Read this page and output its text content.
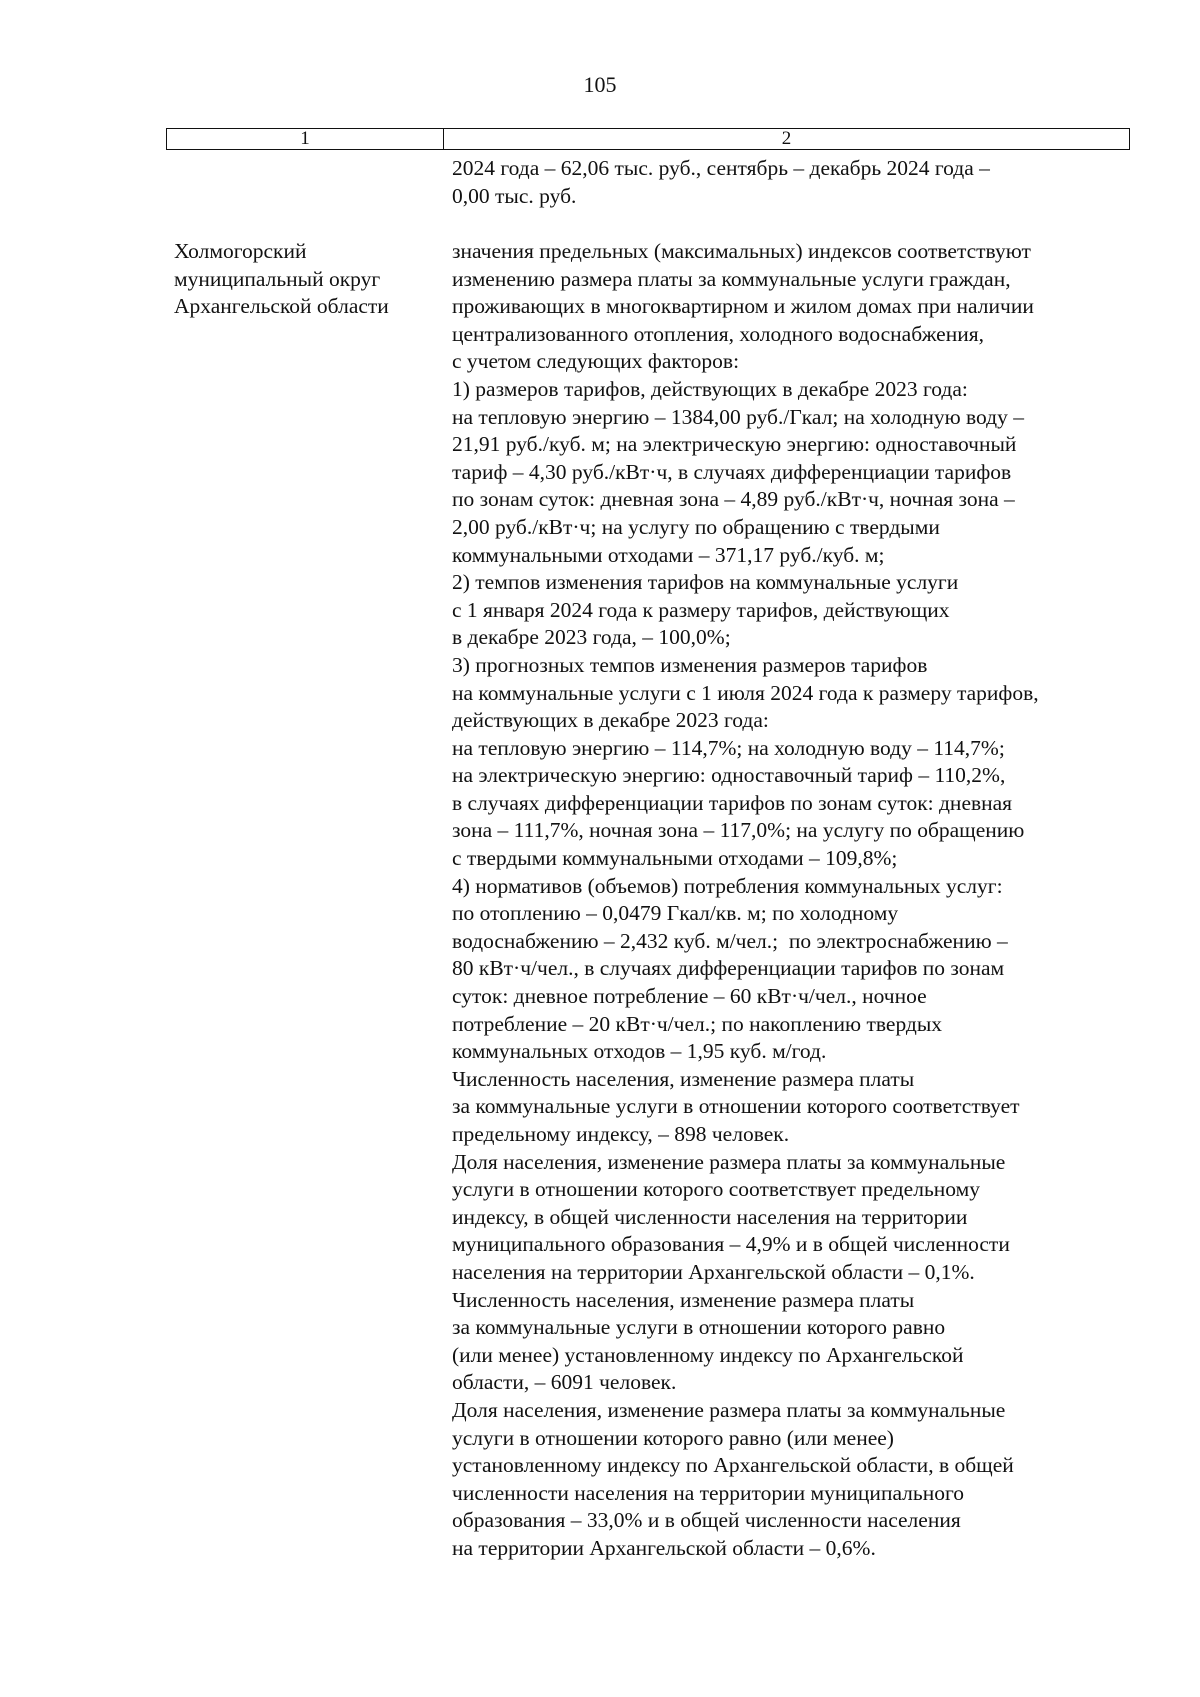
105
1	2
2024 года – 62,06 тыс. руб., сентябрь – декабрь 2024 года –
0,00 тыс. руб.
Холмогорский
муниципальный округ
Архангельской области
значения предельных (максимальных) индексов соответствуют
изменению размера платы за коммунальные услуги граждан,
проживающих в многоквартирном и жилом домах при наличии
централизованного отопления, холодного водоснабжения,
с учетом следующих факторов:
1) размеров тарифов, действующих в декабре 2023 года:
на тепловую энергию – 1384,00 руб./Гкал; на холодную воду –
21,91 руб./куб. м; на электрическую энергию: одноставочный
тариф – 4,30 руб./кВт·ч, в случаях дифференциации тарифов
по зонам суток: дневная зона – 4,89 руб./кВт·ч, ночная зона –
2,00 руб./кВт·ч; на услугу по обращению с твердыми
коммунальными отходами – 371,17 руб./куб. м;
2) темпов изменения тарифов на коммунальные услуги
с 1 января 2024 года к размеру тарифов, действующих
в декабре 2023 года, – 100,0%;
3) прогнозных темпов изменения размеров тарифов
на коммунальные услуги с 1 июля 2024 года к размеру тарифов,
действующих в декабре 2023 года:
на тепловую энергию – 114,7%; на холодную воду – 114,7%;
на электрическую энергию: одноставочный тариф – 110,2%,
в случаях дифференциации тарифов по зонам суток: дневная
зона – 111,7%, ночная зона – 117,0%; на услугу по обращению
с твердыми коммунальными отходами – 109,8%;
4) нормативов (объемов) потребления коммунальных услуг:
по отоплению – 0,0479 Гкал/кв. м; по холодному
водоснабжению – 2,432 куб. м/чел.;  по электроснабжению –
80 кВт·ч/чел., в случаях дифференциации тарифов по зонам
суток: дневное потребление – 60 кВт·ч/чел., ночное
потребление – 20 кВт·ч/чел.; по накоплению твердых
коммунальных отходов – 1,95 куб. м/год.
Численность населения, изменение размера платы
за коммунальные услуги в отношении которого соответствует
предельному индексу, – 898 человек.
Доля населения, изменение размера платы за коммунальные
услуги в отношении которого соответствует предельному
индексу, в общей численности населения на территории
муниципального образования – 4,9% и в общей численности
населения на территории Архангельской области – 0,1%.
Численность населения, изменение размера платы
за коммунальные услуги в отношении которого равно
(или менее) установленному индексу по Архангельской
области, – 6091 человек.
Доля населения, изменение размера платы за коммунальные
услуги в отношении которого равно (или менее)
установленному индексу по Архангельской области, в общей
численности населения на территории муниципального
образования – 33,0% и в общей численности населения
на территории Архангельской области – 0,6%.
